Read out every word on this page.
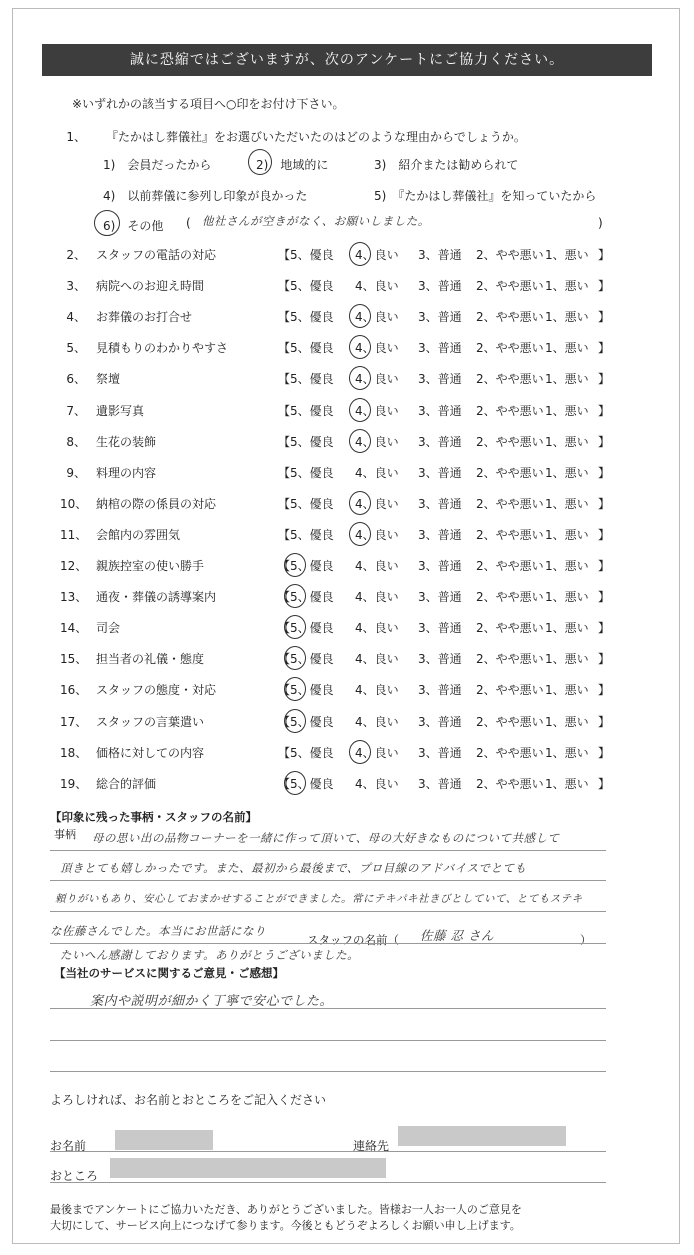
誠に恐縮ではございますが、次のアンケートにご協力ください。
※いずれかの該当する項目へ○印をお付け下さい。
1、 『たかはし葬儀社』をお選びいただいたのはどのような理由からでしょうか。
1)　会員だったから	2)　地域的に	3)　紹介または勧められて
4)　以前葬儀に参列し印象が良かった	5)　『たかはし葬儀社』を知っていたから
6)　その他 ( 他社さんが空きがなく、お願いしました。	)
2、 スタッフの電話の対応	【 5、優良 4、良い 3、普通 2、やや悪い 1、悪い 】
3、 病院へのお迎え時間	【 5、優良 4、良い 3、普通 2、やや悪い 1、悪い 】
4、 お葬儀のお打合せ	【 5、優良 4、良い 3、普通 2、やや悪い 1、悪い 】
5、 見積もりのわかりやすさ	【 5、優良 4、良い 3、普通 2、やや悪い 1、悪い 】
6、 祭壇	【 5、優良 4、良い 3、普通 2、やや悪い 1、悪い 】
7、 遺影写真	【 5、優良 4、良い 3、普通 2、やや悪い 1、悪い 】
8、 生花の装飾	【 5、優良 4、良い 3、普通 2、やや悪い 1、悪い 】
9、 料理の内容	【 5、優良 4、良い 3、普通 2、やや悪い 1、悪い 】
10、 納棺の際の係員の対応	【 5、優良 4、良い 3、普通 2、やや悪い 1、悪い 】
11、 会館内の雰囲気	【 5、優良 4、良い 3、普通 2、やや悪い 1、悪い 】
12、 親族控室の使い勝手	【 5、優良 4、良い 3、普通 2、やや悪い 1、悪い 】
13、 通夜・葬儀の誘導案内	【 5、優良 4、良い 3、普通 2、やや悪い 1、悪い 】
14、 司会	【 5、優良 4、良い 3、普通 2、やや悪い 1、悪い 】
15、 担当者の礼儀・態度	【 5、優良 4、良い 3、普通 2、やや悪い 1、悪い 】
16、 スタッフの態度・対応	【 5、優良 4、良い 3、普通 2、やや悪い 1、悪い 】
17、 スタッフの言葉遣い	【 5、優良 4、良い 3、普通 2、やや悪い 1、悪い 】
18、 価格に対しての内容	【 5、優良 4、良い 3、普通 2、やや悪い 1、悪い 】
19、 総合的評価	【 5、優良 4、良い 3、普通 2、やや悪い 1、悪い 】
【印象に残った事柄・スタッフの名前】
事柄 母の思い出の品物コーナーを一緒に作って頂いて、母の大好きなものについて共感して
頂きとても嬉しかったです。また、最初から最後まで、プロ目線のアドバイスでとても
頼りがいもあり、安心しておまかせすることができました。常にテキパキ社きびとしていて、とてもステキ
な佐藤さんでした。本当にお世話になり
スタッフの名前（ 佐藤 忍 さん	）
たいへん感謝しております。ありがとうございました。
【当社のサービスに関するご意見・ご感想】
案内や説明が細かく丁寧で安心でした。
よろしければ、お名前とおところをご記入ください
お名前	連絡先
おところ
最後までアンケートにご協力いただき、ありがとうございました。皆様お一人お一人のご意見を
大切にして、サービス向上につなげて参ります。今後ともどうぞよろしくお願い申し上げます。
